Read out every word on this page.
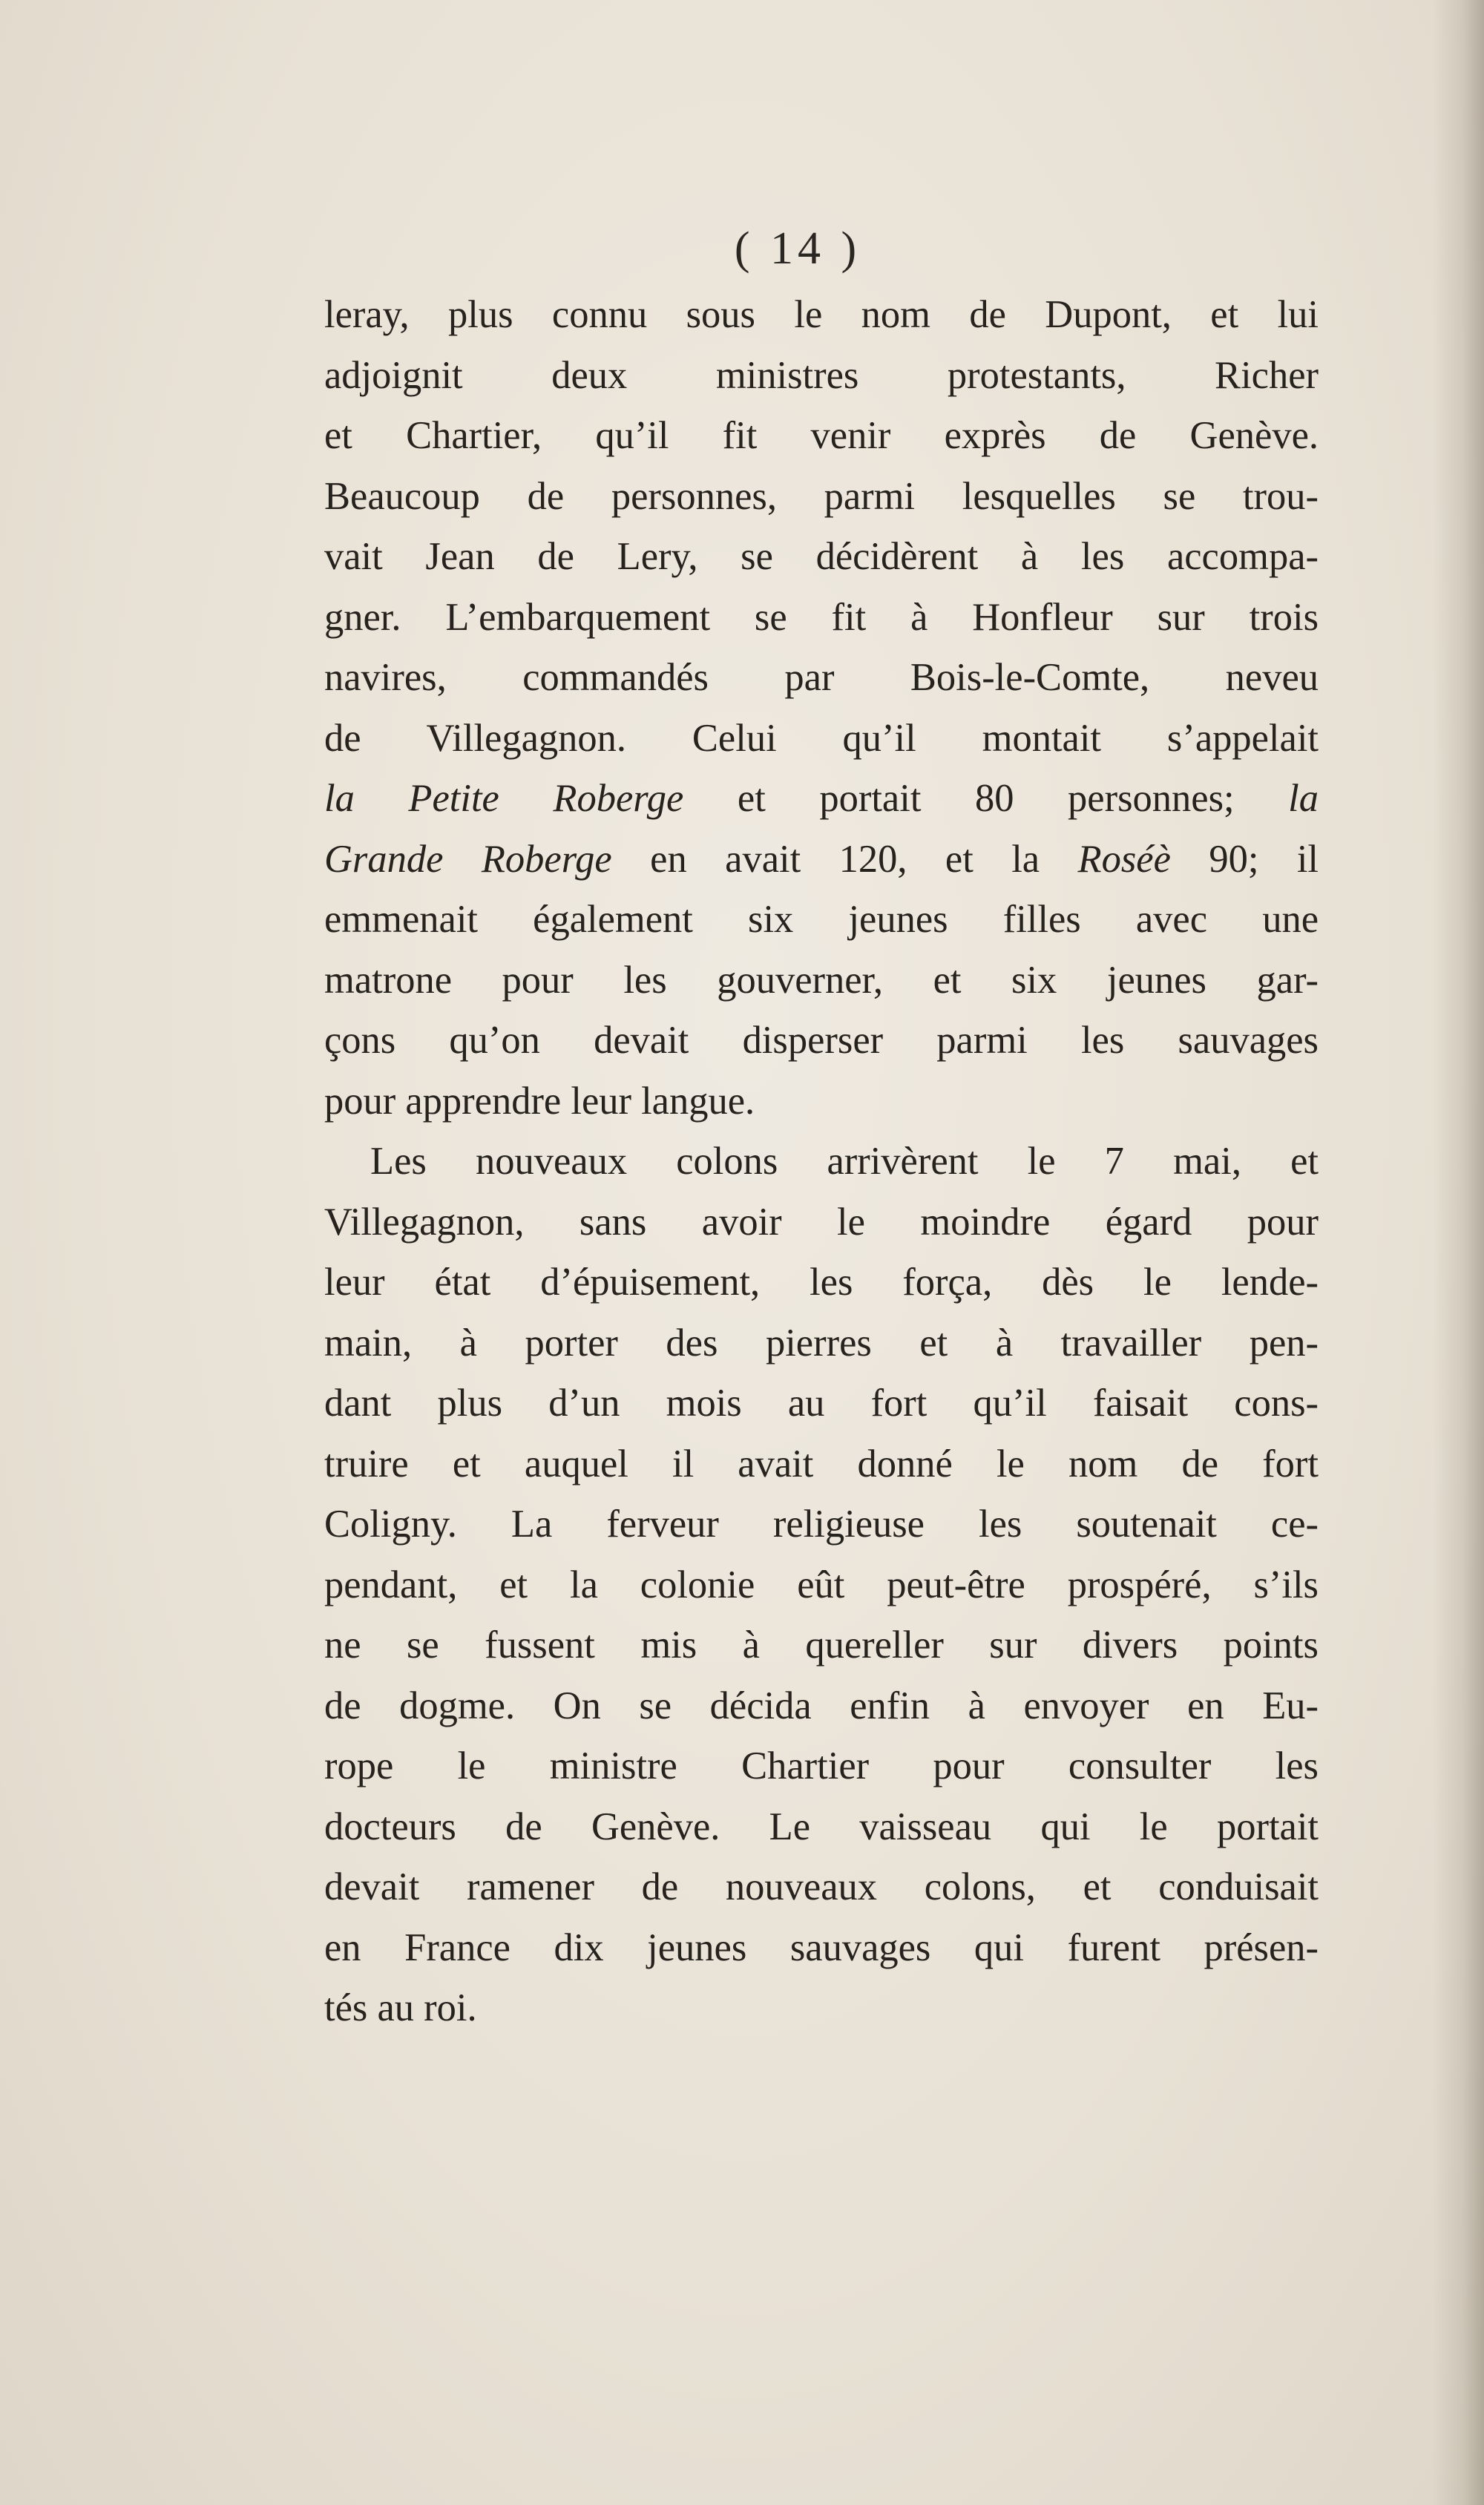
( 14 )
leray, plus connu sous le nom de Dupont, et lui
adjoignit deux ministres protestants, Richer
et Chartier, qu’il fit venir exprès de Genève.
Beaucoup de personnes, parmi lesquelles se trou-
vait Jean de Lery, se décidèrent à les accompa-
gner. L’embarquement se fit à Honfleur sur trois
navires, commandés par Bois-le-Comte, neveu
de Villegagnon. Celui qu’il montait s’appelait
la Petite Roberge et portait 80 personnes; la
Grande Roberge en avait 120, et la Roséè 90; il
emmenait également six jeunes filles avec une
matrone pour les gouverner, et six jeunes gar-
çons qu’on devait disperser parmi les sauvages
pour apprendre leur langue.
Les nouveaux colons arrivèrent le 7 mai, et
Villegagnon, sans avoir le moindre égard pour
leur état d’épuisement, les força, dès le lende-
main, à porter des pierres et à travailler pen-
dant plus d’un mois au fort qu’il faisait cons-
truire et auquel il avait donné le nom de fort
Coligny. La ferveur religieuse les soutenait ce-
pendant, et la colonie eût peut-être prospéré, s’ils
ne se fussent mis à quereller sur divers points
de dogme. On se décida enfin à envoyer en Eu-
rope le ministre Chartier pour consulter les
docteurs de Genève. Le vaisseau qui le portait
devait ramener de nouveaux colons, et conduisait
en France dix jeunes sauvages qui furent présen-
tés au roi.
